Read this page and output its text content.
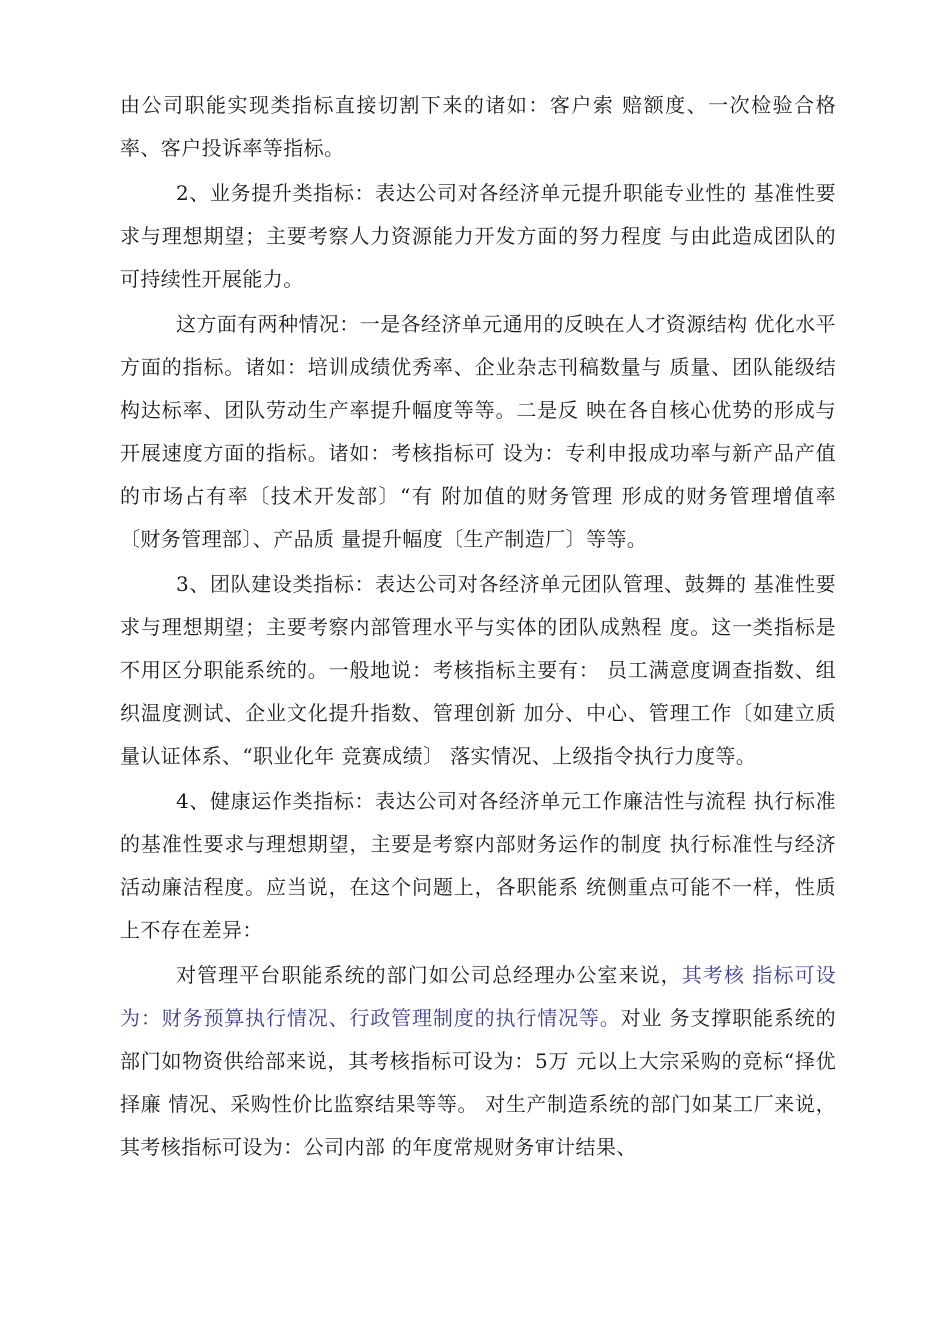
由公司职能实现类指标直接切割下来的诸如：客户索 赔额度、一次检验合格率、客户投诉率等指标。

2、业务提升类指标：表达公司对各经济单元提升职能专业性的 基准性要求与理想期望；主要考察人力资源能力开发方面的努力程度 与由此造成团队的可持续性开展能力。

这方面有两种情况：一是各经济单元通用的反映在人才资源结构 优化水平方面的指标。诸如：培训成绩优秀率、企业杂志刊稿数量与 质量、团队能级结构达标率、团队劳动生产率提升幅度等等。二是反 映在各自核心优势的形成与开展速度方面的指标。诸如：考核指标可 设为：专利申报成功率与新产品产值的市场占有率〔技术开发部〕“有 附加值的财务管理 形成的财务管理增值率〔财务管理部〕、产品质 量提升幅度〔生产制造厂〕等等。

3、团队建设类指标：表达公司对各经济单元团队管理、鼓舞的 基准性要求与理想期望；主要考察内部管理水平与实体的团队成熟程 度。这一类指标是不用区分职能系统的。一般地说：考核指标主要有： 员工满意度调查指数、组织温度测试、企业文化提升指数、管理创新 加分、中心、管理工作〔如建立质量认证体系、“职业化年 竞赛成绩〕 落实情况、上级指令执行力度等。

4、健康运作类指标：表达公司对各经济单元工作廉洁性与流程 执行标准的基准性要求与理想期望，主要是考察内部财务运作的制度 执行标准性与经济活动廉洁程度。应当说，在这个问题上，各职能系 统侧重点可能不一样，性质上不存在差异：

对管理平台职能系统的部门如公司总经理办公室来说，其考核 指标可设为：财务预算执行情况、行政管理制度的执行情况等。对业 务支撑职能系统的部门如物资供给部来说，其考核指标可设为：5万 元以上大宗采购的竞标“择优择廉 情况、采购性价比监察结果等等。 对生产制造系统的部门如某工厂来说，其考核指标可设为：公司内部 的年度常规财务审计结果、
